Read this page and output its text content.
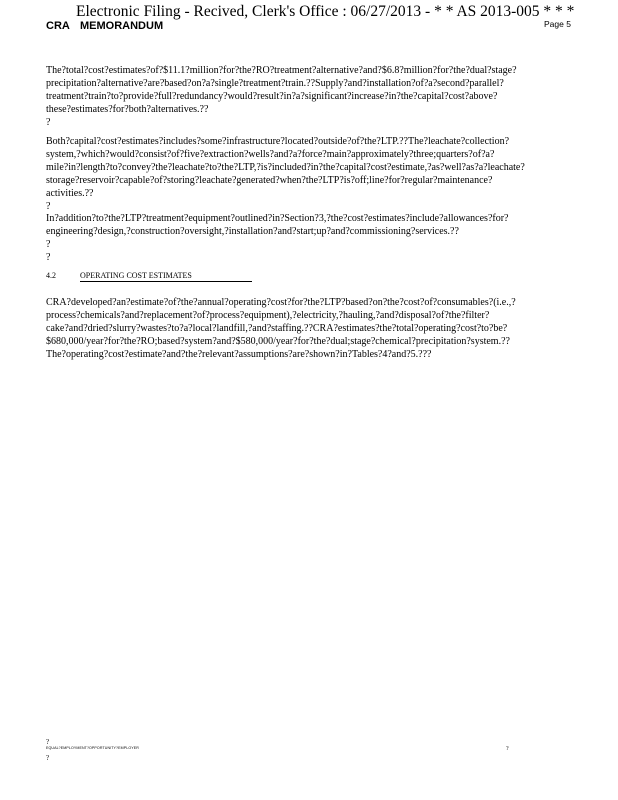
Electronic Filing - Recived, Clerk's Office : 06/27/2013 - * * AS 2013-005 * * *
CRA MEMORANDUM	Page 5

The?total?cost?estimates?of?$11.1?million?for?the?RO?treatment?alternative?and?$6.8?million?for?the?dual?stage?
precipitation?alternative?are?based?on?a?single?treatment?train.??Supply?and?installation?of?a?second?parallel?
treatment?train?to?provide?full?redundancy?would?result?in?a?significant?increase?in?the?capital?cost?above?
these?estimates?for?both?alternatives.??
?

Both?capital?cost?estimates?includes?some?infrastructure?located?outside?of?the?LTP.??The?leachate?collection?
system,?which?would?consist?of?five?extraction?wells?and?a?force?main?approximately?three;quarters?of?a?
mile?in?length?to?convey?the?leachate?to?the?LTP,?is?included?in?the?capital?cost?estimate,?as?well?as?a?leachate?
storage?reservoir?capable?of?storing?leachate?generated?when?the?LTP?is?off;line?for?regular?maintenance?
activities.??
?

In?addition?to?the?LTP?treatment?equipment?outlined?in?Section?3,?the?cost?estimates?include?allowances?for?
engineering?design,?construction?oversight,?installation?and?start;up?and?commissioning?services.??
?
?

4.2	OPERATING COST ESTIMATES

CRA?developed?an?estimate?of?the?annual?operating?cost?for?the?LTP?based?on?the?cost?of?consumables?(i.e.,?
process?chemicals?and?replacement?of?process?equipment),?electricity,?hauling,?and?disposal?of?the?filter?
cake?and?dried?slurry?wastes?to?a?local?landfill,?and?staffing.??CRA?estimates?the?total?operating?cost?to?be?
$680,000/year?for?the?RO;based?system?and?$580,000/year?for?the?dual;stage?chemical?precipitation?system.??
The?operating?cost?estimate?and?the?relevant?assumptions?are?shown?in?Tables?4?and?5.???

?
EQUAL?EMPLOYMENT?OPPORTUNITY?EMPLOYER
?
?
